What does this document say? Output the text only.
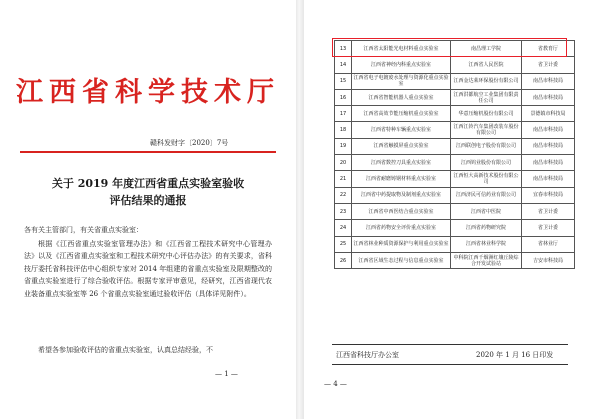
江西省科学技术厅
赣科发财字〔2020〕7号
关于 2019 年度江西省重点实验室验收
评估结果的通报
各有关主管部门，有关省重点实验室：
根据《江西省重点实验室管理办法》和《江西省工程技术研究中心管理办法》以及《江西省重点实验室和工程技术研究中心评估办法》的有关要求，省科技厅委托省科技评估中心组织专家对 2014 年组建的省重点实验室及限期整改的省重点实验室进行了综合验收评估。根据专家评审意见，经研究，江西省现代农业装备重点实验室等 26 个省重点实验室通过验收评估（具体详见附件）。
希望各参加验收评估的省重点实验室，认真总结经验，不
— 1 —
13	江西省太阳能光电材料重点实验室	南昌理工学院	省教育厅
14	江西省神经内科重点实验室	江西省人民医院	省卫计委
15	江西省电子电镀废水处理与资源化重点实验室	江西金达莱环保股份有限公司	南昌市科技局
16	江西省智能机器人重点实验室	江西洪都航空工业集团有限责任公司	南昌市科技局
17	江西省高效节能压缩机重点实验室	华意压缩机股份有限公司	景德镇市科技局
18	江西省特种车辆重点实验室	江西江铃汽车集团改装车股份有限公司	南昌市科技局
19	江西省触摸屏重点实验室	江西联创电子股份有限公司	南昌市科技局
20	江西省数控刀具重点实验室	江西钨业股份有限公司	南昌市科技局
21	江西省耐磨铸钢材料重点实验室	江西恒大高新技术股份有限公司	南昌市科技局
22	江西省中药提取物及制剂重点实验室	江西济民可信药业有限公司	宜春市科技局
23	江西省中西医结合重点实验室	江西省中医院	省卫计委
24	江西省药物安全评价重点实验室	江西省药物研究院	省卫计委
25	江西省林业种质资源保护与利用重点实验室	江西省林业科学院	省林业厅
26	江西省区域生态过程与信息重点实验室	中科院江西千烟洲红壤丘陵综合开发试验站	吉安市科技局
江西省科技厅办公室	2020 年 1 月 16 日印发
— 4 —
